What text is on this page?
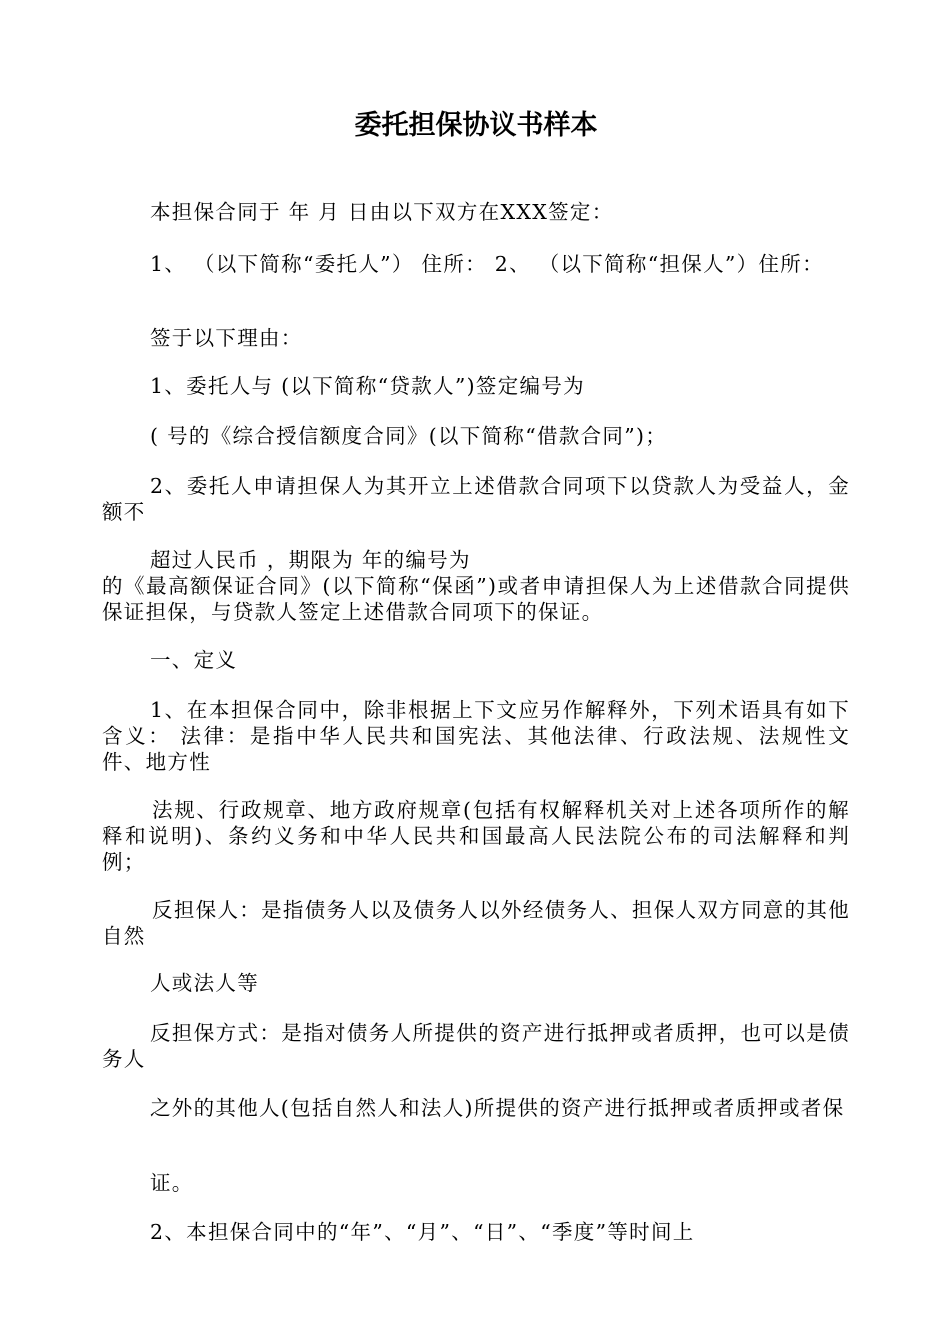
委托担保协议书样本

本担保合同于 年 月 日由以下双方在XXX签定：

1、 （以下简称“委托人”） 住所： 2、 （以下简称“担保人”）住所：

签于以下理由：

1、委托人与 (以下简称“贷款人”)签定编号为

( 号的《综合授信额度合同》(以下简称“借款合同”)；

2、委托人申请担保人为其开立上述借款合同项下以贷款人为受益人，金额不

超过人民币 ，期限为 年的编号为

的《最高额保证合同》(以下简称“保函”)或者申请担保人为上述借款合同提供保证担保，与贷款人签定上述借款合同项下的保证。

一、定义

1、在本担保合同中，除非根据上下文应另作解释外，下列术语具有如下含义： 法律：是指中华人民共和国宪法、其他法律、行政法规、法规性文件、地方性

法规、行政规章、地方政府规章(包括有权解释机关对上述各项所作的解释和说明)、条约义务和中华人民共和国最高人民法院公布的司法解释和判例；

反担保人：是指债务人以及债务人以外经债务人、担保人双方同意的其他自然

人或法人等

反担保方式：是指对债务人所提供的资产进行抵押或者质押，也可以是债务人

之外的其他人(包括自然人和法人)所提供的资产进行抵押或者质押或者保

证。

2、本担保合同中的“年”、“月”、“日”、“季度”等时间上
